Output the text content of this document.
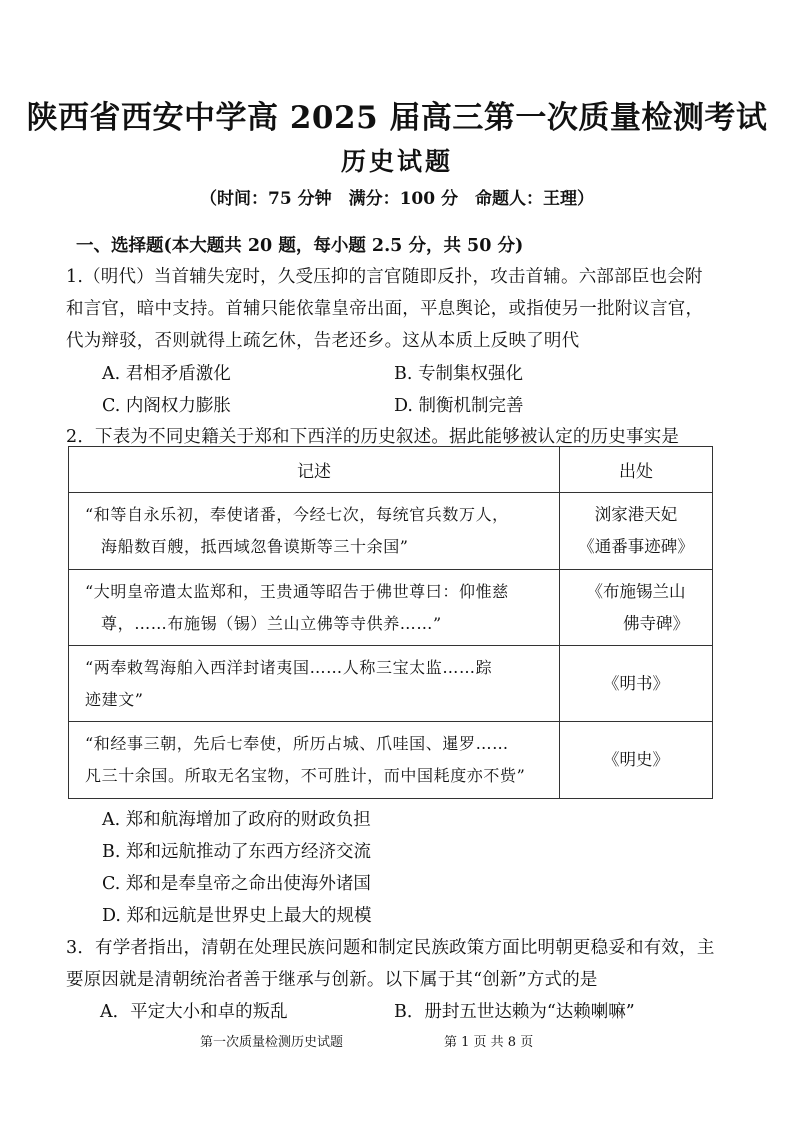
陕西省西安中学高 2025 届高三第一次质量检测考试
历史试题
（时间：75 分钟　满分：100 分　命题人：王理）
一、选择题(本大题共 20 题，每小题 2.5 分，共 50 分)
1.（明代）当首辅失宠时，久受压抑的言官随即反扑，攻击首辅。六部部臣也会附
和言官，暗中支持。首辅只能依靠皇帝出面，平息舆论，或指使另一批附议言官，
代为辩驳，否则就得上疏乞休，告老还乡。这从本质上反映了明代
A. 君相矛盾激化	B. 专制集权强化
C. 内阁权力膨胀	D. 制衡机制完善
2．下表为不同史籍关于郑和下西洋的历史叙述。据此能够被认定的历史事实是
记述	出处

“和等自永乐初，奉使诸番，今经七次，每统官兵数万人，
海船数百艘，抵西域忽鲁谟斯等三十余国”	浏家港天妃
《通番事迹碑》

“大明皇帝遣太监郑和，王贵通等昭告于佛世尊曰：仰惟慈
尊，……布施锡（锡）兰山立佛等寺供养……”	《布施锡兰山
佛寺碑》

“两奉敕驾海舶入西洋封诸夷国……人称三宝太监……踪
迹建文”	《明书》

“和经事三朝，先后七奉使，所历占城、爪哇国、暹罗……
凡三十余国。所取无名宝物，不可胜计，而中国耗度亦不赀”	《明史》
A. 郑和航海增加了政府的财政负担
B. 郑和远航推动了东西方经济交流
C. 郑和是奉皇帝之命出使海外诸国
D. 郑和远航是世界史上最大的规模
3．有学者指出，清朝在处理民族问题和制定民族政策方面比明朝更稳妥和有效，主
要原因就是清朝统治者善于继承与创新。以下属于其“创新”方式的是
A．平定大小和卓的叛乱	B．册封五世达赖为“达赖喇嘛”
第一次质量检测历史试题	第 1 页 共 8 页
